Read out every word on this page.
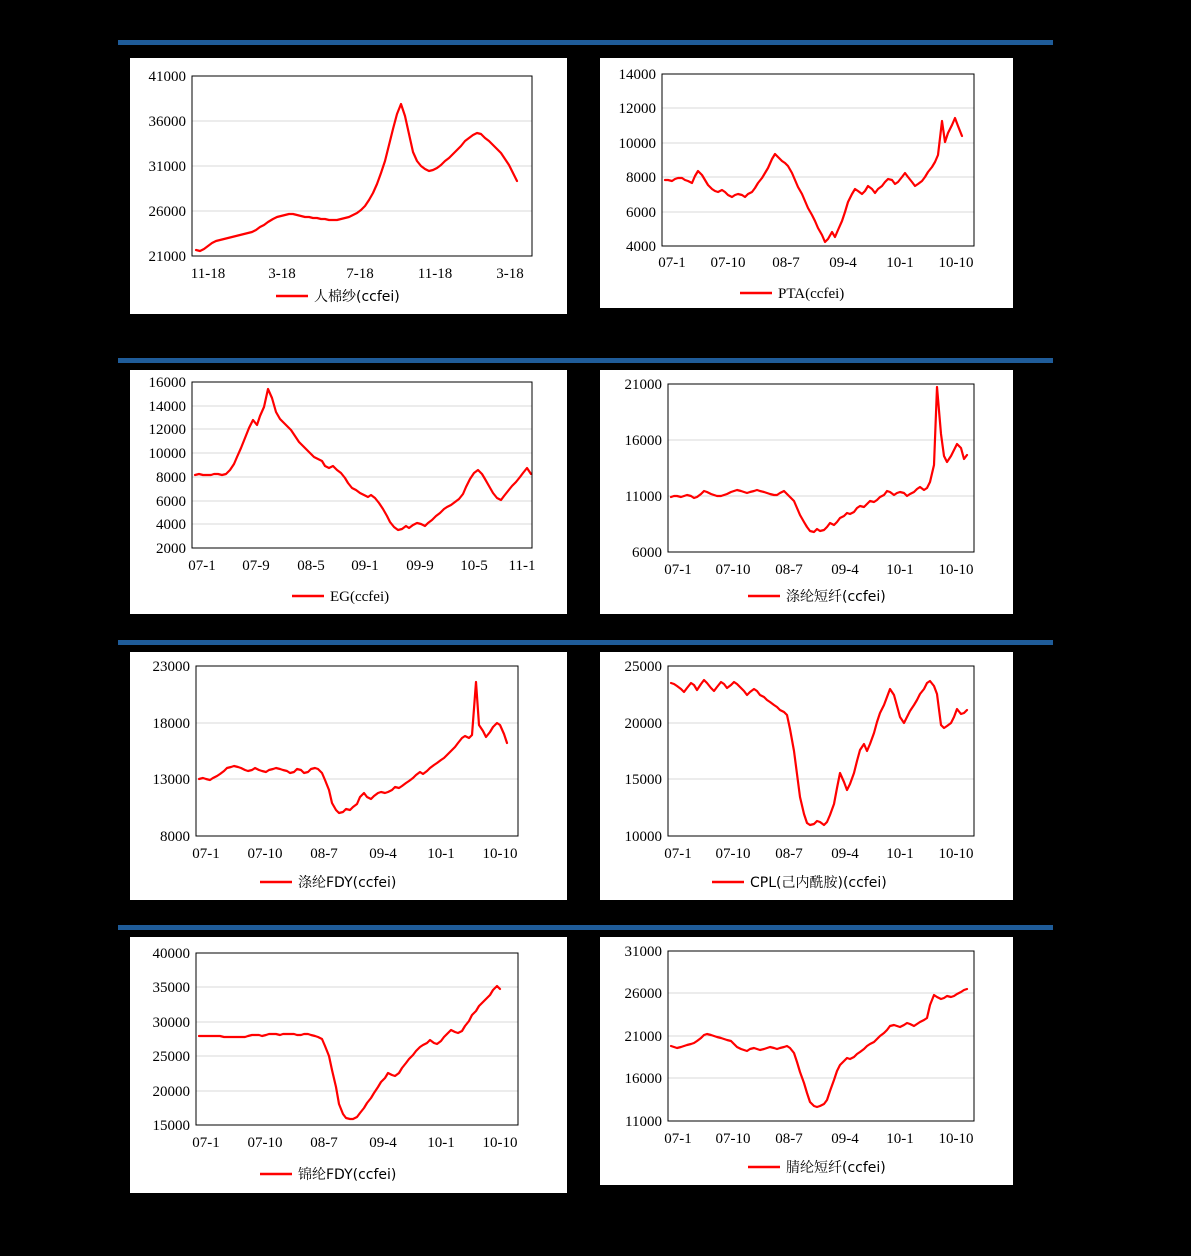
41000
36000
31000
26000
21000
11-18	3-18	7-18	11-18	3-18
人棉纱(ccfei)
14000
12000
10000
8000
6000
4000
07-1 07-10 08-7 09-4 10-1 10-10
PTA(ccfei)
16000
14000
12000
10000
8000
6000
4000
2000
07-1 07-9 08-5 09-1 09-9 10-5 11-1
EG(ccfei)
21000
16000
11000
6000
07-1 07-10 08-7 09-4 10-1 10-10
涤纶短纤(ccfei)
23000
18000
13000
8000
07-1 07-10 08-7 09-4 10-1 10-10
涤纶FDY(ccfei)
25000
20000
15000
10000
07-1 07-10 08-7 09-4 10-1 10-10
CPL(己内酰胺)(ccfei)
40000
35000
30000
25000
20000
15000
07-1 07-10 08-7 09-4 10-1 10-10
锦纶FDY(ccfei)
31000
26000
21000
16000
11000
07-1 07-10 08-7 09-4 10-1 10-10
腈纶短纤(ccfei)
